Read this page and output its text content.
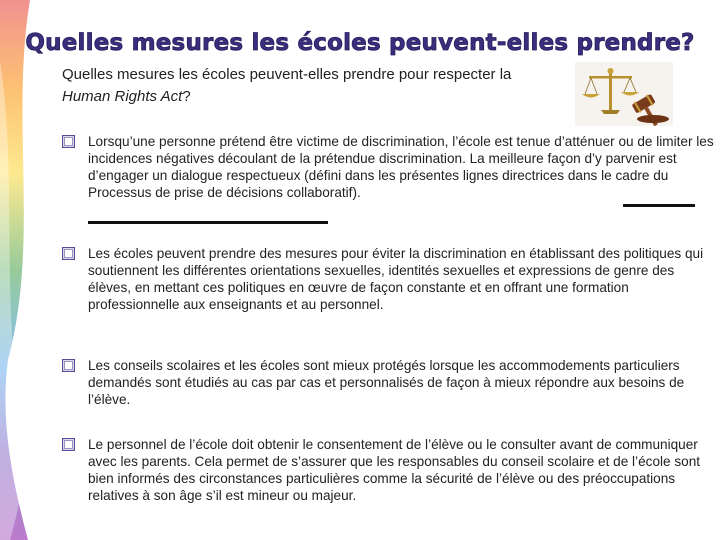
Quelles mesures les écoles peuvent-elles prendre?
Quelles mesures les écoles peuvent-elles prendre pour respecter la Human Rights Act?
Lorsqu’une personne prétend être victime de discrimination, l’école est tenue d’atténuer ou de limiter les incidences négatives découlant de la prétendue discrimination. La meilleure façon d’y parvenir est d’engager un dialogue respectueux (défini dans les présentes lignes directrices dans le cadre du Processus de prise de décisions collaboratif).
Les écoles peuvent prendre des mesures pour éviter la discrimination en établissant des politiques qui soutiennent les différentes orientations sexuelles, identités sexuelles et expressions de genre des élèves, en mettant ces politiques en œuvre de façon constante et en offrant une formation professionnelle aux enseignants et au personnel.
Les conseils scolaires et les écoles sont mieux protégés lorsque les accommodements particuliers demandés sont étudiés au cas par cas et personnalisés de façon à mieux répondre aux besoins de l’élève.
Le personnel de l’école doit obtenir le consentement de l’élève ou le consulter avant de communiquer avec les parents. Cela permet de s’assurer que les responsables du conseil scolaire et de l’école sont bien informés des circonstances particulières comme la sécurité de l’élève ou des préoccupations relatives à son âge s’il est mineur ou majeur.
